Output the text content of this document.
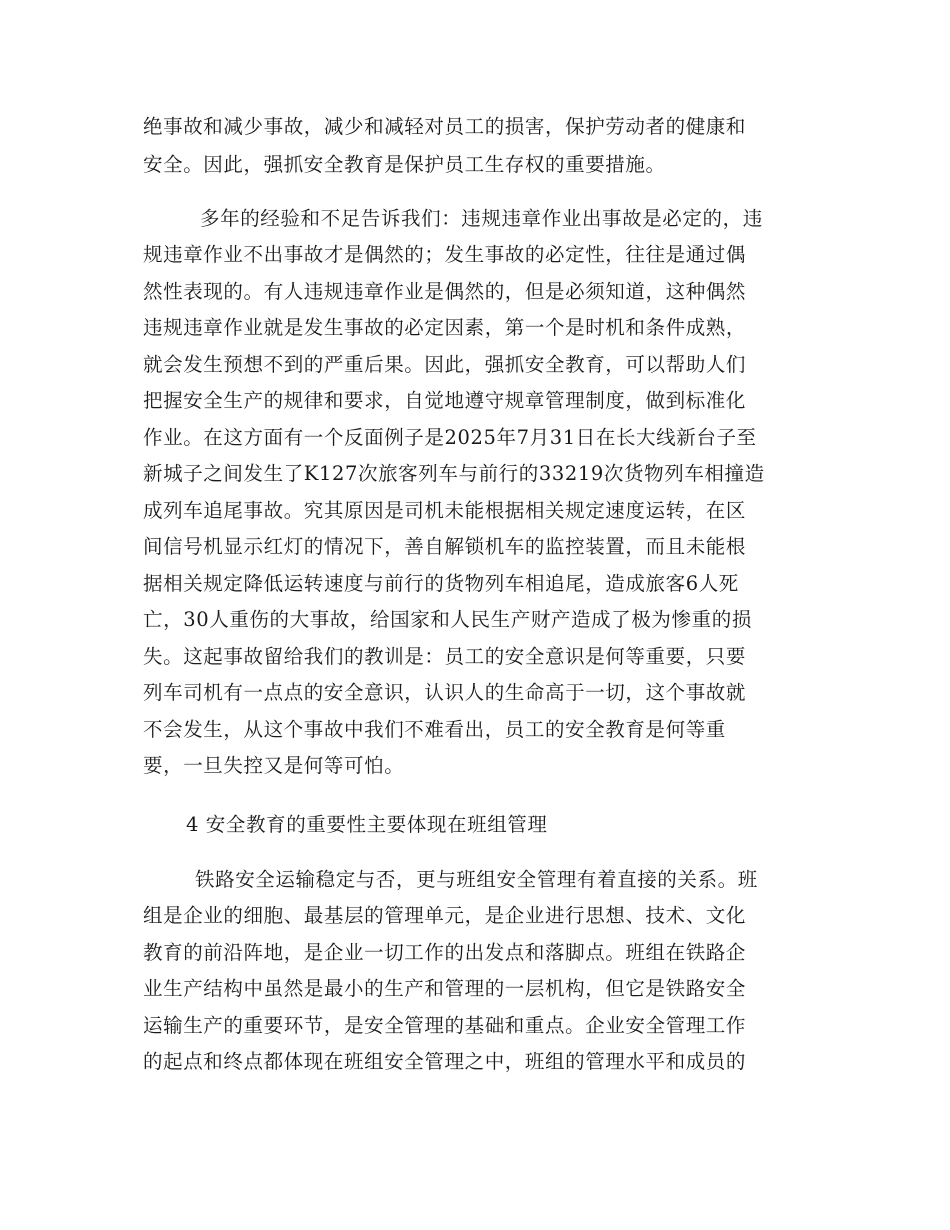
绝事故和减少事故，减少和减轻对员工的损害，保护劳动者的健康和

安全。因此，强抓安全教育是保护员工生存权的重要措施。

多年的经验和不足告诉我们：违规违章作业出事故是必定的，违

规违章作业不出事故才是偶然的；发生事故的必定性，往往是通过偶

然性表现的。有人违规违章作业是偶然的，但是必须知道，这种偶然

违规违章作业就是发生事故的必定因素，第一个是时机和条件成熟，

就会发生预想不到的严重后果。因此，强抓安全教育，可以帮助人们

把握安全生产的规律和要求，自觉地遵守规章管理制度，做到标准化

作业。在这方面有一个反面例子是2025年7月31日在长大线新台子至

新城子之间发生了K127次旅客列车与前行的33219次货物列车相撞造

成列车追尾事故。究其原因是司机未能根据相关规定速度运转，在区

间信号机显示红灯的情况下，善自解锁机车的监控装置，而且未能根

据相关规定降低运转速度与前行的货物列车相追尾，造成旅客6人死

亡，30人重伤的大事故，给国家和人民生产财产造成了极为惨重的损

失。这起事故留给我们的教训是：员工的安全意识是何等重要，只要

列车司机有一点点的安全意识，认识人的生命高于一切，这个事故就

不会发生，从这个事故中我们不难看出，员工的安全教育是何等重

要，一旦失控又是何等可怕。

4 安全教育的重要性主要体现在班组管理

铁路安全运输稳定与否，更与班组安全管理有着直接的关系。班

组是企业的细胞、最基层的管理单元，是企业进行思想、技术、文化

教育的前沿阵地，是企业一切工作的出发点和落脚点。班组在铁路企

业生产结构中虽然是最小的生产和管理的一层机构，但它是铁路安全

运输生产的重要环节，是安全管理的基础和重点。企业安全管理工作

的起点和终点都体现在班组安全管理之中，班组的管理水平和成员的
